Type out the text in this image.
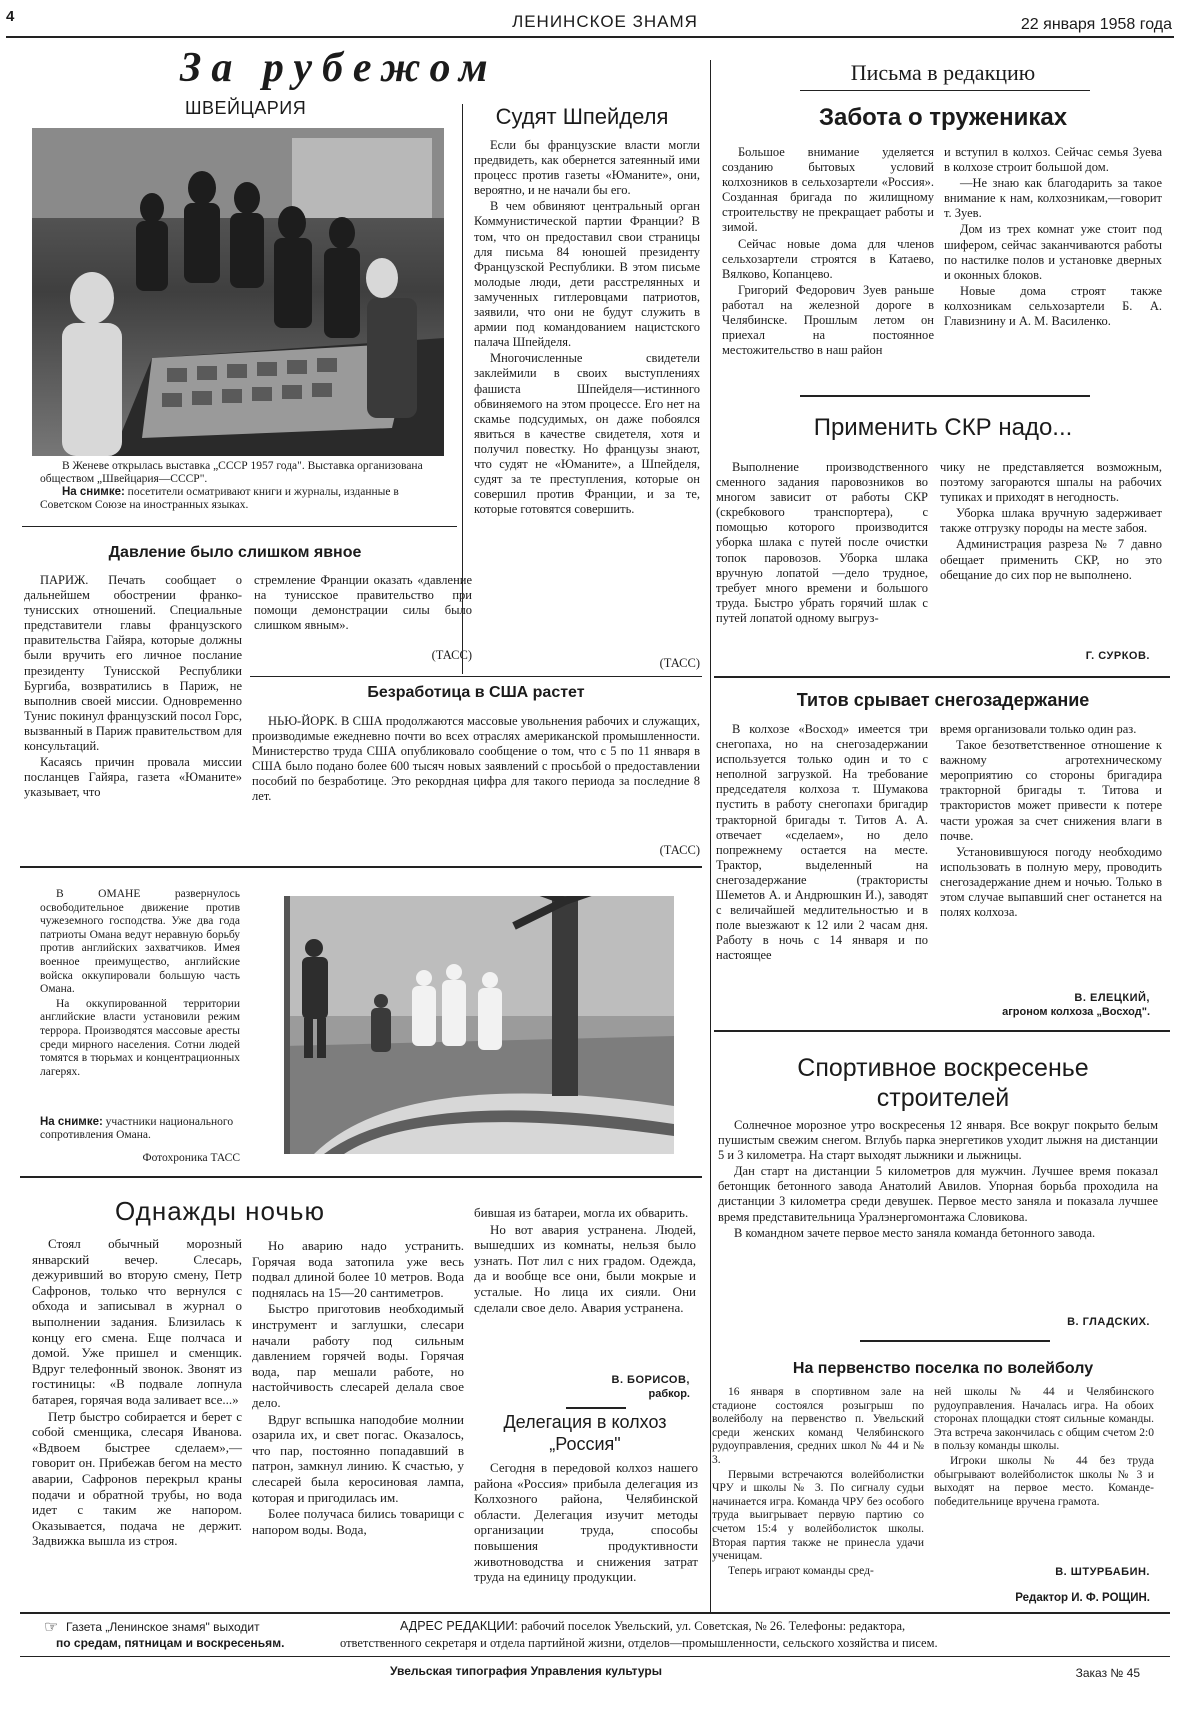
4	ЛЕНИНСКОЕ ЗНАМЯ	22 января 1958 года
За рубежом
ШВЕЙЦАРИЯ
В Женеве открылась выставка „СССР 1957 года". Выставка организована обществом „Швейцария—СССР".
На снимке: посетители осматривают книги и журналы, изданные в Советском Союзе на иностранных языках.
Судят Шпейделя

Если бы французские власти могли предвидеть, как обернется затеянный ими процесс против газеты «Юманите», они, вероятно, и не начали бы его.

В чем обвиняют центральный орган Коммунистической партии Франции? В том, что он предоставил свои страницы для письма 84 юношей президенту Французской Республики. В этом письме молодые люди, дети расстрелянных и замученных гитлеровцами патриотов, заявили, что они не будут служить в армии под командованием нацистского палача Шпейделя.

Многочисленные свидетели заклеймили в своих выступлениях фашиста Шпейделя—истинного обвиняемого на этом процессе. Его нет на скамье подсудимых, он даже побоялся явиться в качестве свидетеля, хотя и получил повестку. Но французы знают, что судят не «Юманите», а Шпейделя, судят за те преступления, которые он совершил против Франции, и за те, которые готовятся совершить.

(ТАСС)
Давление было слишком явное

ПАРИЖ. Печать сообщает о дальнейшем обострении франко-тунисских отношений. Специальные представители главы французского правительства Гайяра, которые должны были вручить его личное послание президенту Тунисской Республики Бургиба, возвратились в Париж, не выполнив своей миссии. Одновременно Тунис покинул французский посол Горс, вызванный в Париж правительством для консультаций.

Касаясь причин провала миссии посланцев Гайяра, газета «Юманите» указывает, что

стремление Франции оказать «давление на тунисское правительство при помощи демонстрации силы было слишком явным».

(ТАСС)
Безработица в США растет

НЬЮ-ЙОРК. В США продолжаются массовые увольнения рабочих и служащих, производимые ежедневно почти во всех отраслях американской промышленности. Министерство труда США опубликовало сообщение о том, что с 5 по 11 января в США было подано более 600 тысяч новых заявлений с просьбой о предоставлении пособий по безработице. Это рекордная цифра для такого периода за последние 8 лет.

(ТАСС)

В ОМАНЕ развернулось освободительное движение против чужеземного господства. Уже два года патриоты Омана ведут неравную борьбу против английских захватчиков. Имея военное преимущество, английские войска оккупировали большую часть Омана.

На оккупированной территории английские власти установили режим террора. Производятся массовые аресты среди мирного населения. Сотни людей томятся в тюрьмах и концентрационных лагерях.

На снимке: участники национального сопротивления Омана.
Фотохроника ТАСС
Однажды ночью

Стоял обычный морозный январский вечер. Слесарь, дежуривший во вторую смену, Петр Сафронов, только что вернулся с обхода и записывал в журнал о выполнении задания. Близилась к концу его смена. Еще полчаса и домой. Уже пришел и сменщик. Вдруг телефонный звонок. Звонят из гостиницы: «В подвале лопнула батарея, горячая вода заливает все...»

Петр быстро собирается и берет с собой сменщика, слесаря Иванова. «Вдвоем быстрее сделаем»,—говорит он. Прибежав бегом на место аварии, Сафронов перекрыл краны подачи и обратной трубы, но вода идет с таким же напором. Оказывается, подача не держит. Задвижка вышла из строя.

Но аварию надо устранить. Горячая вода затопила уже весь подвал длиной более 10 метров. Вода поднялась на 15—20 сантиметров.

Быстро приготовив необходимый инструмент и заглушки, слесари начали работу под сильным давлением горячей воды. Горячая вода, пар мешали работе, но настойчивость слесарей делала свое дело.

Вдруг вспышка наподобие молнии озарила их, и свет погас. Оказалось, что пар, постоянно попадавший в патрон, замкнул линию. К счастью, у слесарей была керосиновая лампа, которая и пригодилась им.

Более получаса бились товарищи с напором воды. Вода,

бившая из батареи, могла их обварить.

Но вот авария устранена. Людей, вышедших из комнаты, нельзя было узнать. Пот лил с них градом. Одежда, да и вообще все они, были мокрые и усталые. Но лица их сияли. Они сделали свое дело. Авария устранена.

В. БОРИСОВ,
рабкор.
Делегация в колхоз
„Россия"

Сегодня в передовой колхоз нашего района «Россия» прибыла делегация из Колхозного района, Челябинской области. Делегация изучит методы организации труда, способы повышения продуктивности животноводства и снижения затрат труда на единицу продукции.

Письма в редакцию
Забота о тружениках

Большое внимание уделяется созданию бытовых условий колхозников в сельхозартели «Россия». Созданная бригада по жилищному строительству не прекращает работы и зимой.

Сейчас новые дома для членов сельхозартели строятся в Катаево, Вялково, Копанцево.

Григорий Федорович Зуев раньше работал на железной дороге в Челябинске. Прошлым летом он приехал на постоянное местожительство в наш район

и вступил в колхоз. Сейчас семья Зуева в колхозе строит большой дом.

—Не знаю как благодарить за такое внимание к нам, колхозникам,—говорит т. Зуев.

Дом из трех комнат уже стоит под шифером, сейчас заканчиваются работы по настилке полов и установке дверных и оконных блоков.

Новые дома строят также колхозникам сельхозартели Б. А. Главизнину и А. М. Василенко.

Применить СКР надо...

Выполнение производственного сменного задания паровозников во многом зависит от работы СКР (скребкового транспортера), с помощью которого производится уборка шлака с путей после очистки топок паровозов. Уборка шлака вручную лопатой —дело трудное, требует много времени и большого труда. Быстро убрать горячий шлак с путей лопатой одному выгруз-

чику не представляется возможным, поэтому загораются шпалы на рабочих тупиках и приходят в негодность.

Уборка шлака вручную задерживает также отгрузку породы на месте забоя.

Администрация разреза № 7 давно обещает применить СКР, но это обещание до сих пор не выполнено.

Г. СУРКОВ.
Титов срывает снегозадержание

В колхозе «Восход» имеется три снегопаха, но на снегозадержании используется только один и то с неполной загрузкой. На требование председателя колхоза т. Шумакова пустить в работу снегопахи бригадир тракторной бригады т. Титов А. А. отвечает «сделаем», но дело попрежнему остается на месте. Трактор, выделенный на снегозадержание (трактористы Шеметов А. и Андрюшкин И.), заводят с величайшей медлительностью и в поле выезжают к 12 или 2 часам дня. Работу в ночь с 14 января и по настоящее

время организовали только один раз.

Такое безответственное отношение к важному агротехническому мероприятию со стороны бригадира тракторной бригады т. Титова и трактористов может привести к потере части урожая за счет снижения влаги в почве.

Установившуюся погоду необходимо использовать в полную меру, проводить снегозадержание днем и ночью. Только в этом случае выпавший снег останется на полях колхоза.

В. ЕЛЕЦКИЙ,
агроном колхоза „Восход".
Спортивное воскресенье
строителей

Солнечное морозное утро воскресенья 12 января. Все вокруг покрыто белым пушистым свежим снегом. Вглубь парка энергетиков уходит лыжня на дистанции 5 и 3 километра. На старт выходят лыжники и лыжницы.

Дан старт на дистанции 5 километров для мужчин. Лучшее время показал бетонщик бетонного завода Анатолий Авилов. Упорная борьба проходила на дистанции 3 километра среди девушек. Первое место заняла и показала лучшее время представительница Уралэнергомонтажа Словикова.

В командном зачете первое место заняла команда бетонного завода.

В. ГЛАДСКИХ.
На первенство поселка по волейболу

16 января в спортивном зале на стадионе состоялся розыгрыш по волейболу на первенство п. Увельский среди женских команд Челябинского рудоуправления, средних школ № 44 и № 3.

Первыми встречаются волейболистки ЧРУ и школы № 3. По сигналу судьи начинается игра. Команда ЧРУ без особого труда выигрывает первую партию со счетом 15:4 у волейболисток школы. Вторая партия также не принесла удачи ученицам.

Теперь играют команды сред-

ней школы № 44 и Челябинского рудоуправления. Началась игра. На обоих сторонах площадки стоят сильные команды. Эта встреча закончилась с общим счетом 2:0 в пользу команды школы.

Игроки школы № 44 без труда обыгрывают волейболисток школы № 3 и выходят на первое место. Команде-победительнице вручена грамота.

В. ШТУРБАБИН.
Редактор И. Ф. РОЩИН.
☞ Газета „Ленинское знамя" выходит
по средам, пятницам и воскресеньям.
АДРЕС РЕДАКЦИИ: рабочий поселок Увельский, ул. Советская, № 26. Телефоны: редактора,
ответственного секретаря и отдела партийной жизни, отделов—промышленности, сельского хозяйства и писем.
Увельская типография Управления культуры	Заказ № 45
